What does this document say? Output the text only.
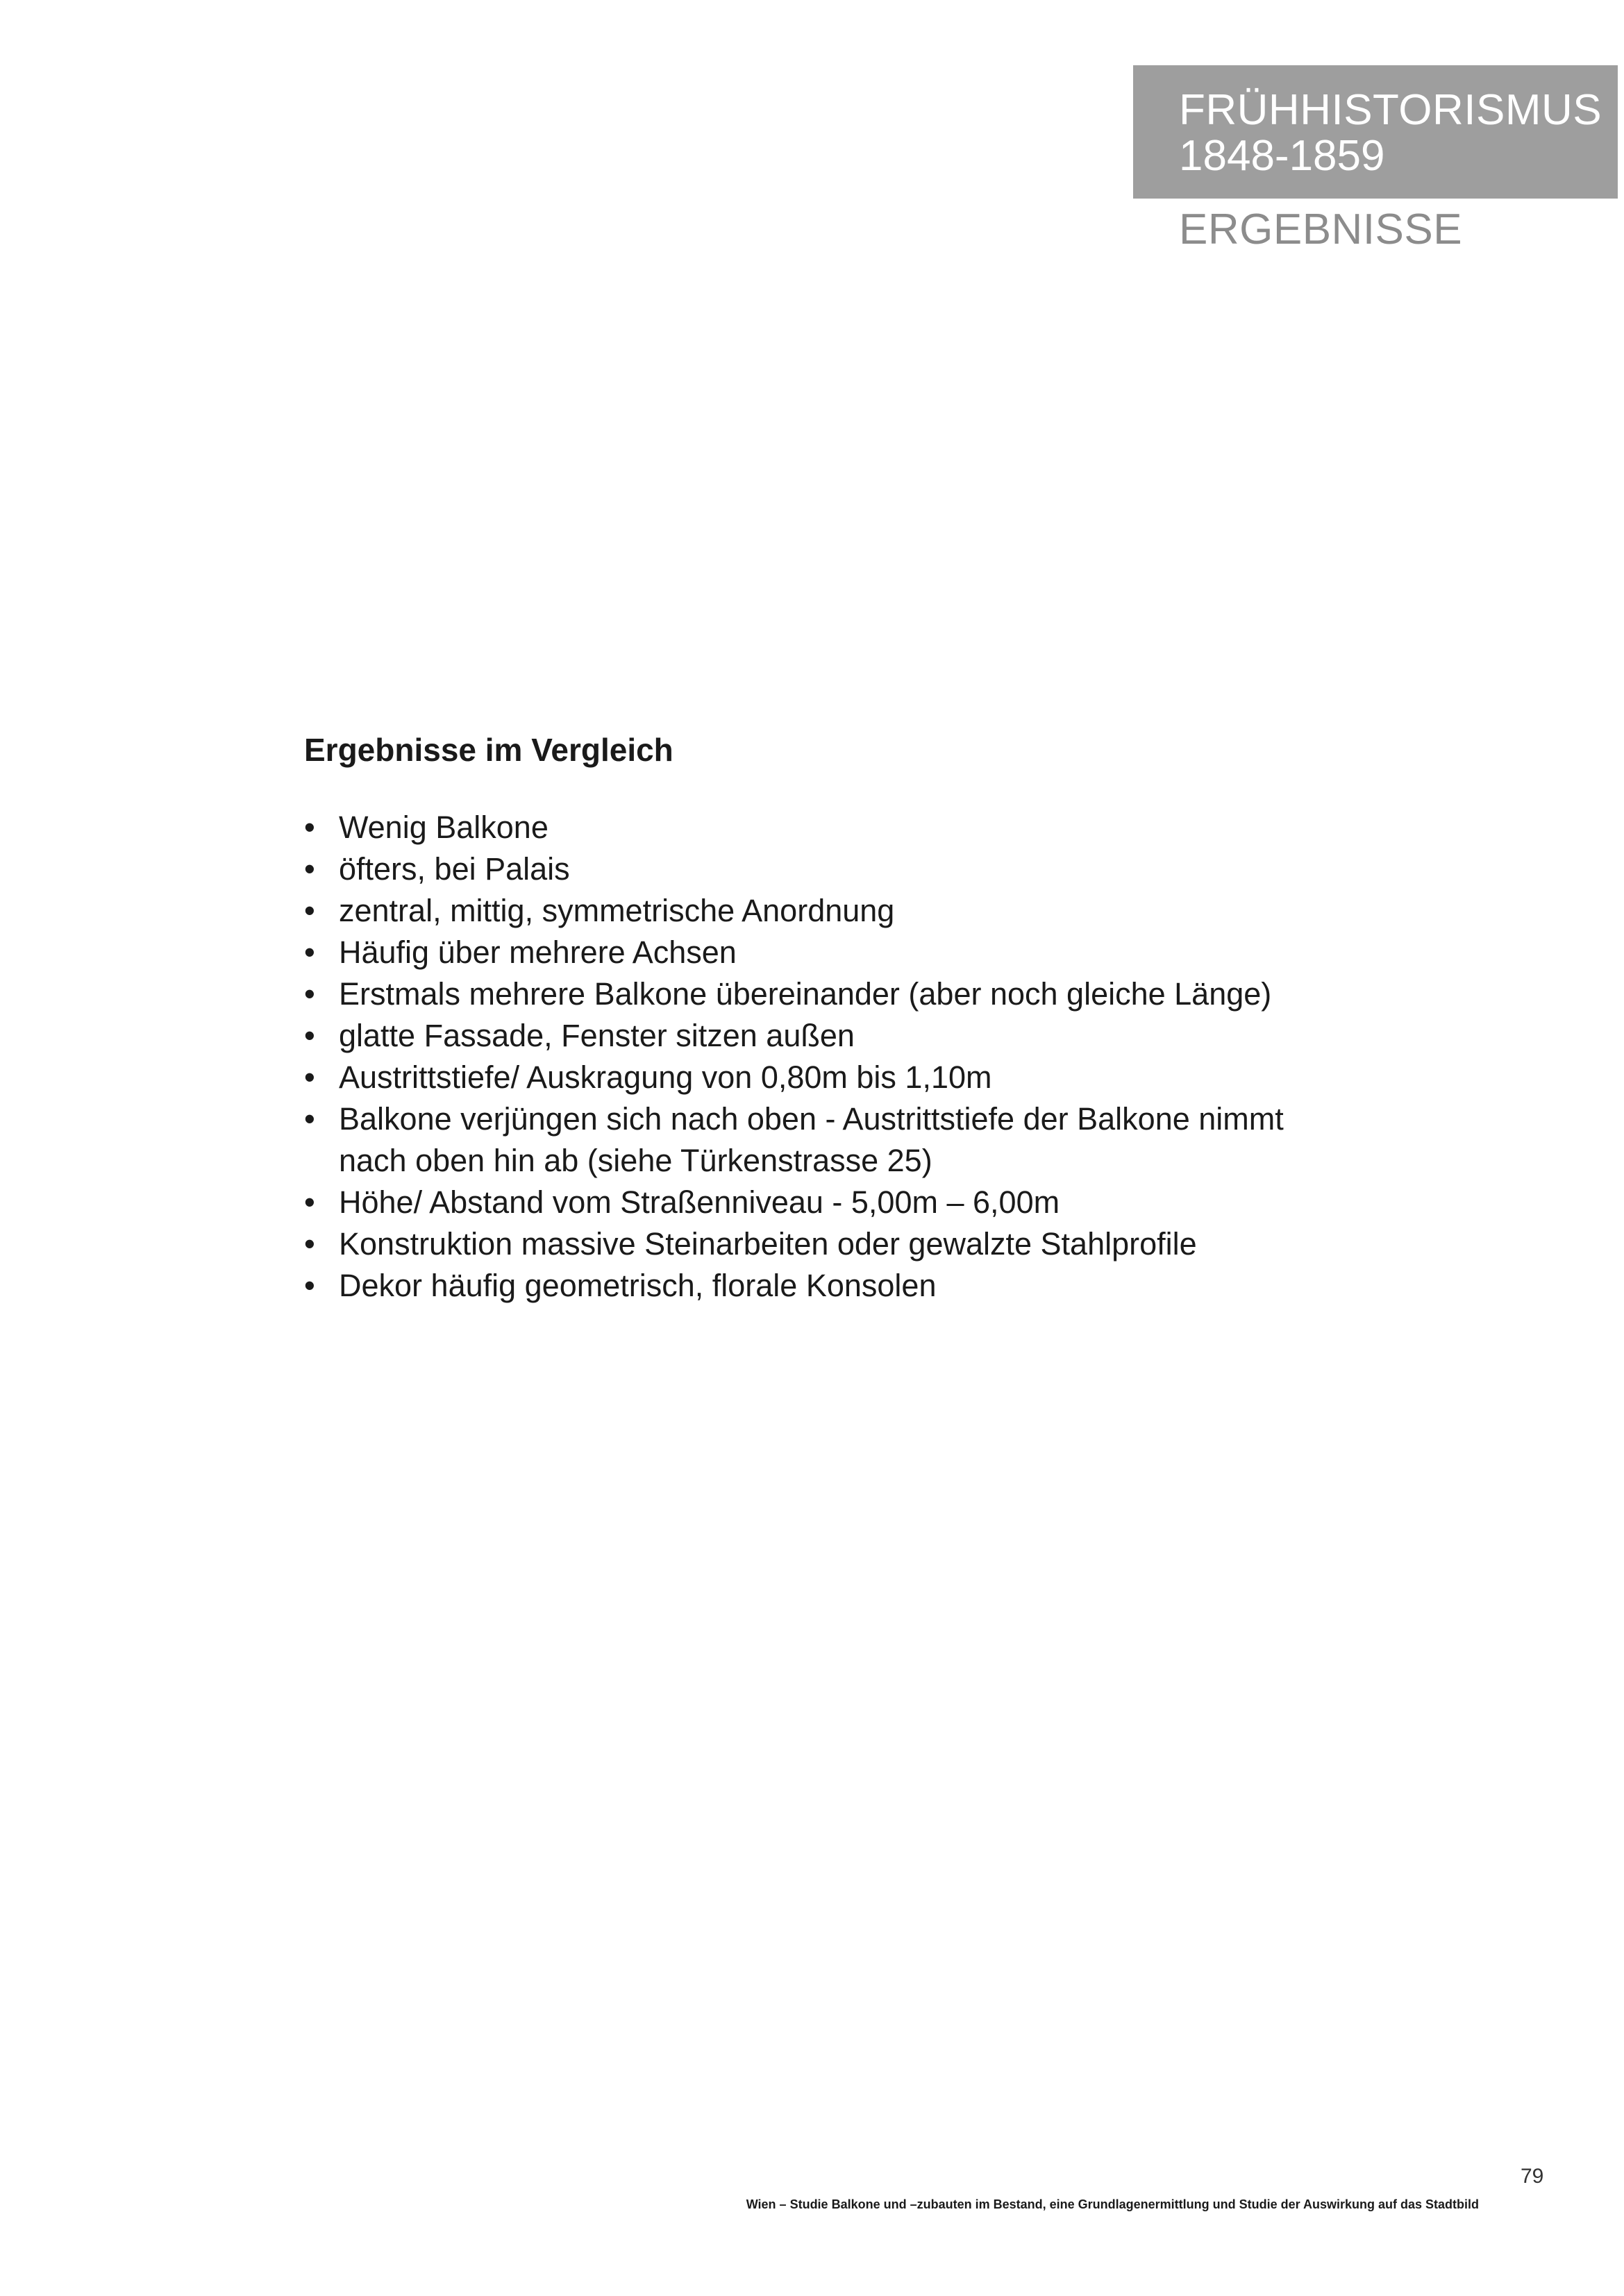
FRÜHHISTORISMUS
1848-1859
ERGEBNISSE
Ergebnisse im Vergleich
• Wenig Balkone
• öfters, bei Palais
• zentral, mittig, symmetrische Anordnung
• Häufig über mehrere Achsen
• Erstmals mehrere Balkone übereinander (aber noch gleiche Länge)
• glatte Fassade, Fenster sitzen außen
• Austrittstiefe/ Auskragung von 0,80m bis 1,10m
• Balkone verjüngen sich nach oben - Austrittstiefe der Balkone nimmt nach oben hin ab (siehe Türkenstrasse 25)
• Höhe/ Abstand vom Straßenniveau - 5,00m – 6,00m
• Konstruktion massive Steinarbeiten oder gewalzte Stahlprofile
• Dekor häufig geometrisch, florale Konsolen
79
Wien – Studie Balkone und –zubauten im Bestand, eine Grundlagenermittlung und Studie der Auswirkung auf das Stadtbild
